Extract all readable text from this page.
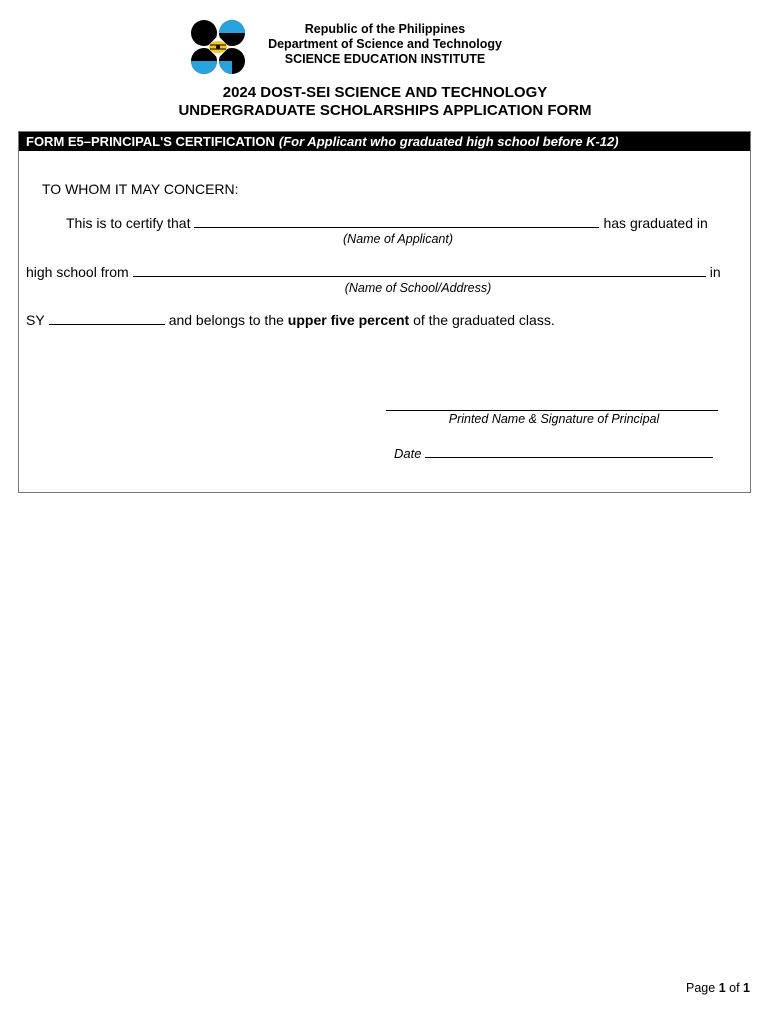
Republic of the Philippines
Department of Science and Technology
SCIENCE EDUCATION INSTITUTE
2024 DOST-SEI SCIENCE AND TECHNOLOGY
UNDERGRADUATE SCHOLARSHIPS APPLICATION FORM
FORM E5–PRINCIPAL'S CERTIFICATION (For Applicant who graduated high school before K-12)
TO WHOM IT MAY CONCERN:
This is to certify that	has graduated in
(Name of Applicant)
high school from	in
(Name of School/Address)
SY	and belongs to the upper five percent of the graduated class.
Printed Name & Signature of Principal
Date
Page 1 of 1
